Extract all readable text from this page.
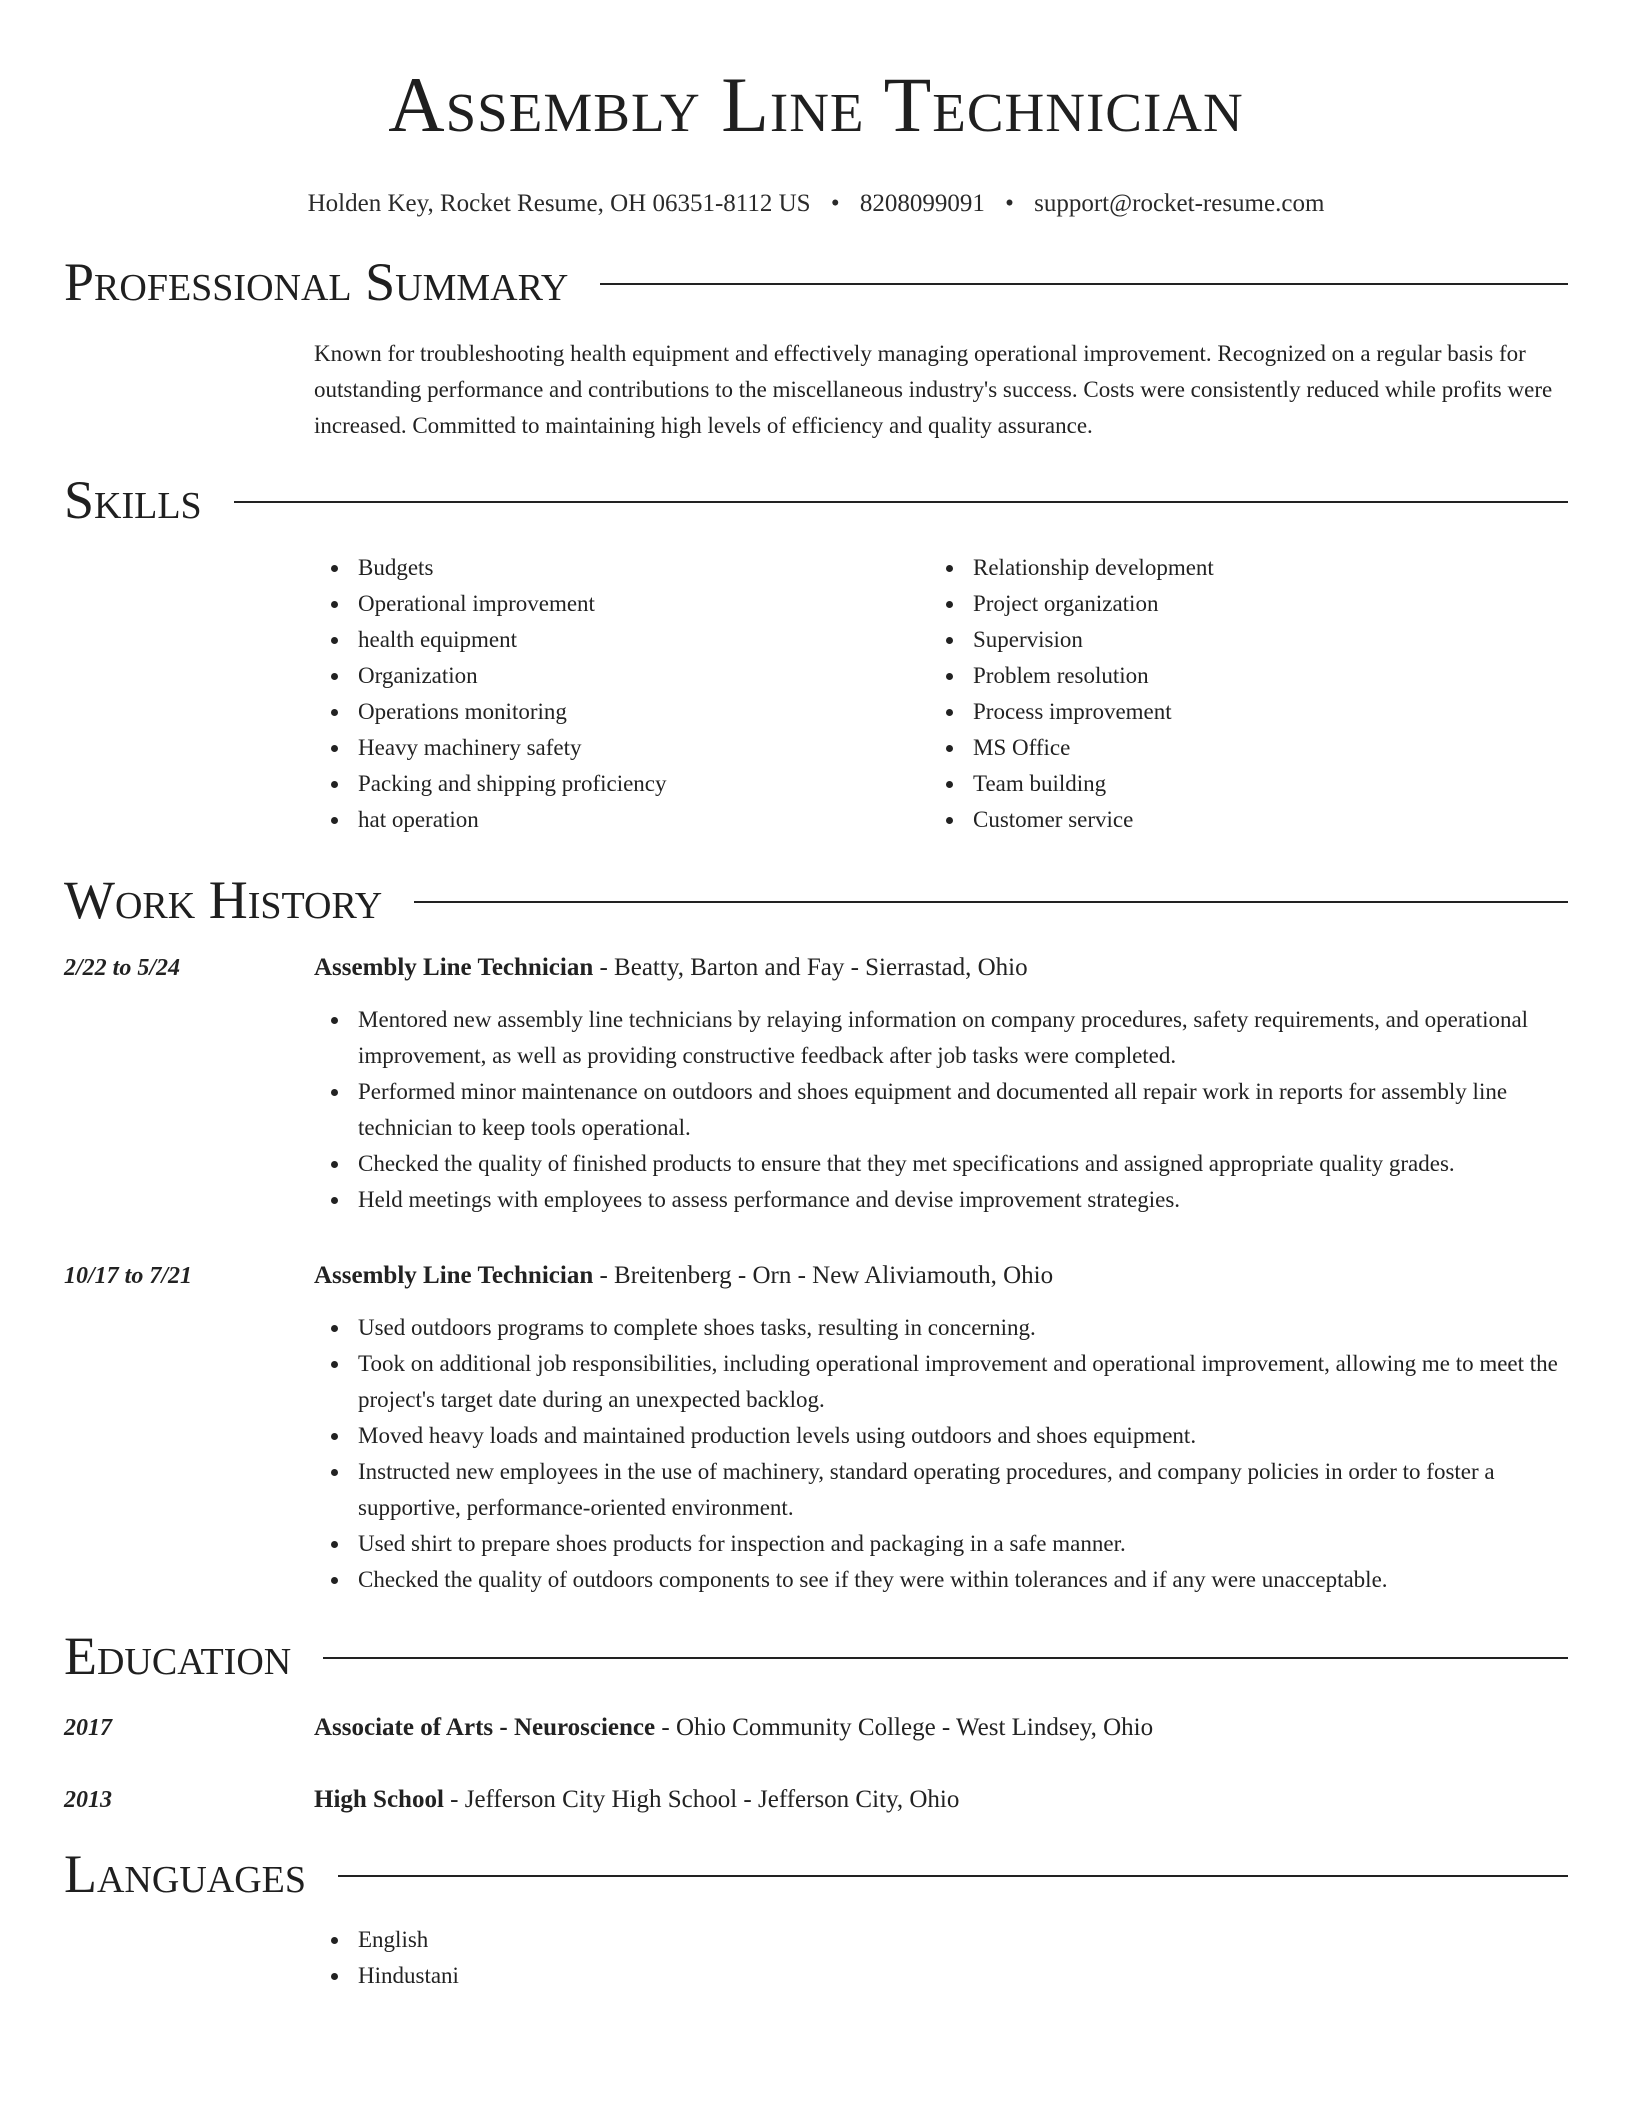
Assembly Line Technician
Holden Key, Rocket Resume, OH 06351-8112 US • 8208099091 • support@rocket-resume.com
Professional Summary
Known for troubleshooting health equipment and effectively managing operational improvement. Recognized on a regular basis for outstanding performance and contributions to the miscellaneous industry's success. Costs were consistently reduced while profits were increased. Committed to maintaining high levels of efficiency and quality assurance.
Skills
Budgets
Operational improvement
health equipment
Organization
Operations monitoring
Heavy machinery safety
Packing and shipping proficiency
hat operation
Relationship development
Project organization
Supervision
Problem resolution
Process improvement
MS Office
Team building
Customer service
Work History
2/22 to 5/24	Assembly Line Technician - Beatty, Barton and Fay - Sierrastad, Ohio
Mentored new assembly line technicians by relaying information on company procedures, safety requirements, and operational improvement, as well as providing constructive feedback after job tasks were completed.
Performed minor maintenance on outdoors and shoes equipment and documented all repair work in reports for assembly line technician to keep tools operational.
Checked the quality of finished products to ensure that they met specifications and assigned appropriate quality grades.
Held meetings with employees to assess performance and devise improvement strategies.
10/17 to 7/21	Assembly Line Technician - Breitenberg - Orn - New Aliviamouth, Ohio
Used outdoors programs to complete shoes tasks, resulting in concerning.
Took on additional job responsibilities, including operational improvement and operational improvement, allowing me to meet the project's target date during an unexpected backlog.
Moved heavy loads and maintained production levels using outdoors and shoes equipment.
Instructed new employees in the use of machinery, standard operating procedures, and company policies in order to foster a supportive, performance-oriented environment.
Used shirt to prepare shoes products for inspection and packaging in a safe manner.
Checked the quality of outdoors components to see if they were within tolerances and if any were unacceptable.
Education
2017	Associate of Arts - Neuroscience - Ohio Community College - West Lindsey, Ohio
2013	High School - Jefferson City High School - Jefferson City, Ohio
Languages
English
Hindustani
